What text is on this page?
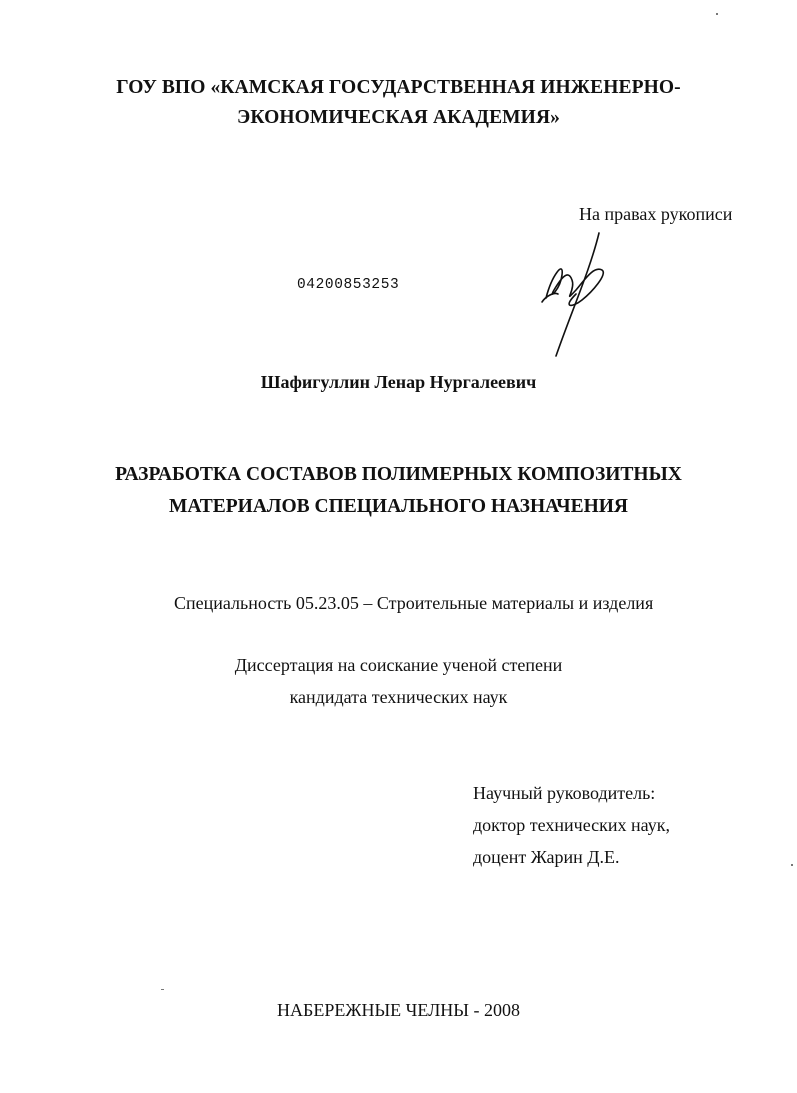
ГОУ ВПО «КАМСКАЯ ГОСУДАРСТВЕННАЯ ИНЖЕНЕРНО-
ЭКОНОМИЧЕСКАЯ АКАДЕМИЯ»
На правах рукописи
04200853253
Шафигуллин Ленар Нургалеевич
РАЗРАБОТКА СОСТАВОВ ПОЛИМЕРНЫХ КОМПОЗИТНЫХ
МАТЕРИАЛОВ СПЕЦИАЛЬНОГО НАЗНАЧЕНИЯ
Специальность 05.23.05 – Строительные материалы и изделия
Диссертация на соискание ученой степени
кандидата технических наук
Научный руководитель:
доктор технических наук,
доцент Жарин Д.Е.
НАБЕРЕЖНЫЕ ЧЕЛНЫ - 2008
